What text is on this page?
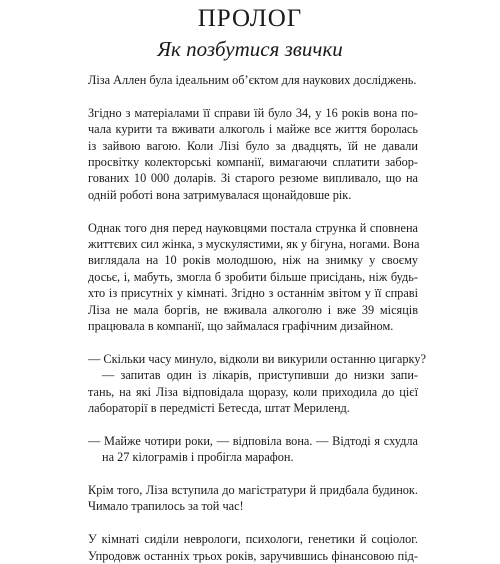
ПРОЛОГ
Як позбутися звички

Ліза Аллен була ідеальним об’єктом для наукових досліджень.

Згідно з матеріалами її справи їй було 34, у 16 років вона по-
чала курити та вживати алкоголь і майже все життя боролась
із зайвою вагою. Коли Лізі було за двадцять, їй не давали
просвітку колекторські компанії, вимагаючи сплатити забор-
гованих 10 000 доларів. Зі старого резюме випливало, що на
одній роботі вона затримувалася щонайдовше рік.

Однак того дня перед науковцями постала струнка й сповнена
життєвих сил жінка, з мускулястими, як у бігуна, ногами. Вона
виглядала на 10 років молодшою, ніж на знимку у своєму
досьє, і, мабуть, змогла б зробити більше присідань, ніж будь-
хто із присутніх у кімнаті. Згідно з останнім звітом у її справі
Ліза не мала боргів, не вживала алкоголю і вже 39 місяців
працювала в компанії, що займалася графічним дизайном.

— Скільки часу минуло, відколи ви викурили останню цигарку?
— запитав один із лікарів, приступивши до низки запи-
тань, на які Ліза відповідала щоразу, коли приходила до цієї
лабораторії в передмісті Бетесда, штат Мериленд.

— Майже чотири роки, — відповіла вона. — Відтоді я схудла
на 27 кілограмів і пробігла марафон.

Крім того, Ліза вступила до магістратури й придбала будинок.
Чимало трапилось за той час!

У кімнаті сиділи неврологи, психологи, генетики й соціолог.
Упродовж останніх трьох років, заручившись фінансовою під-
